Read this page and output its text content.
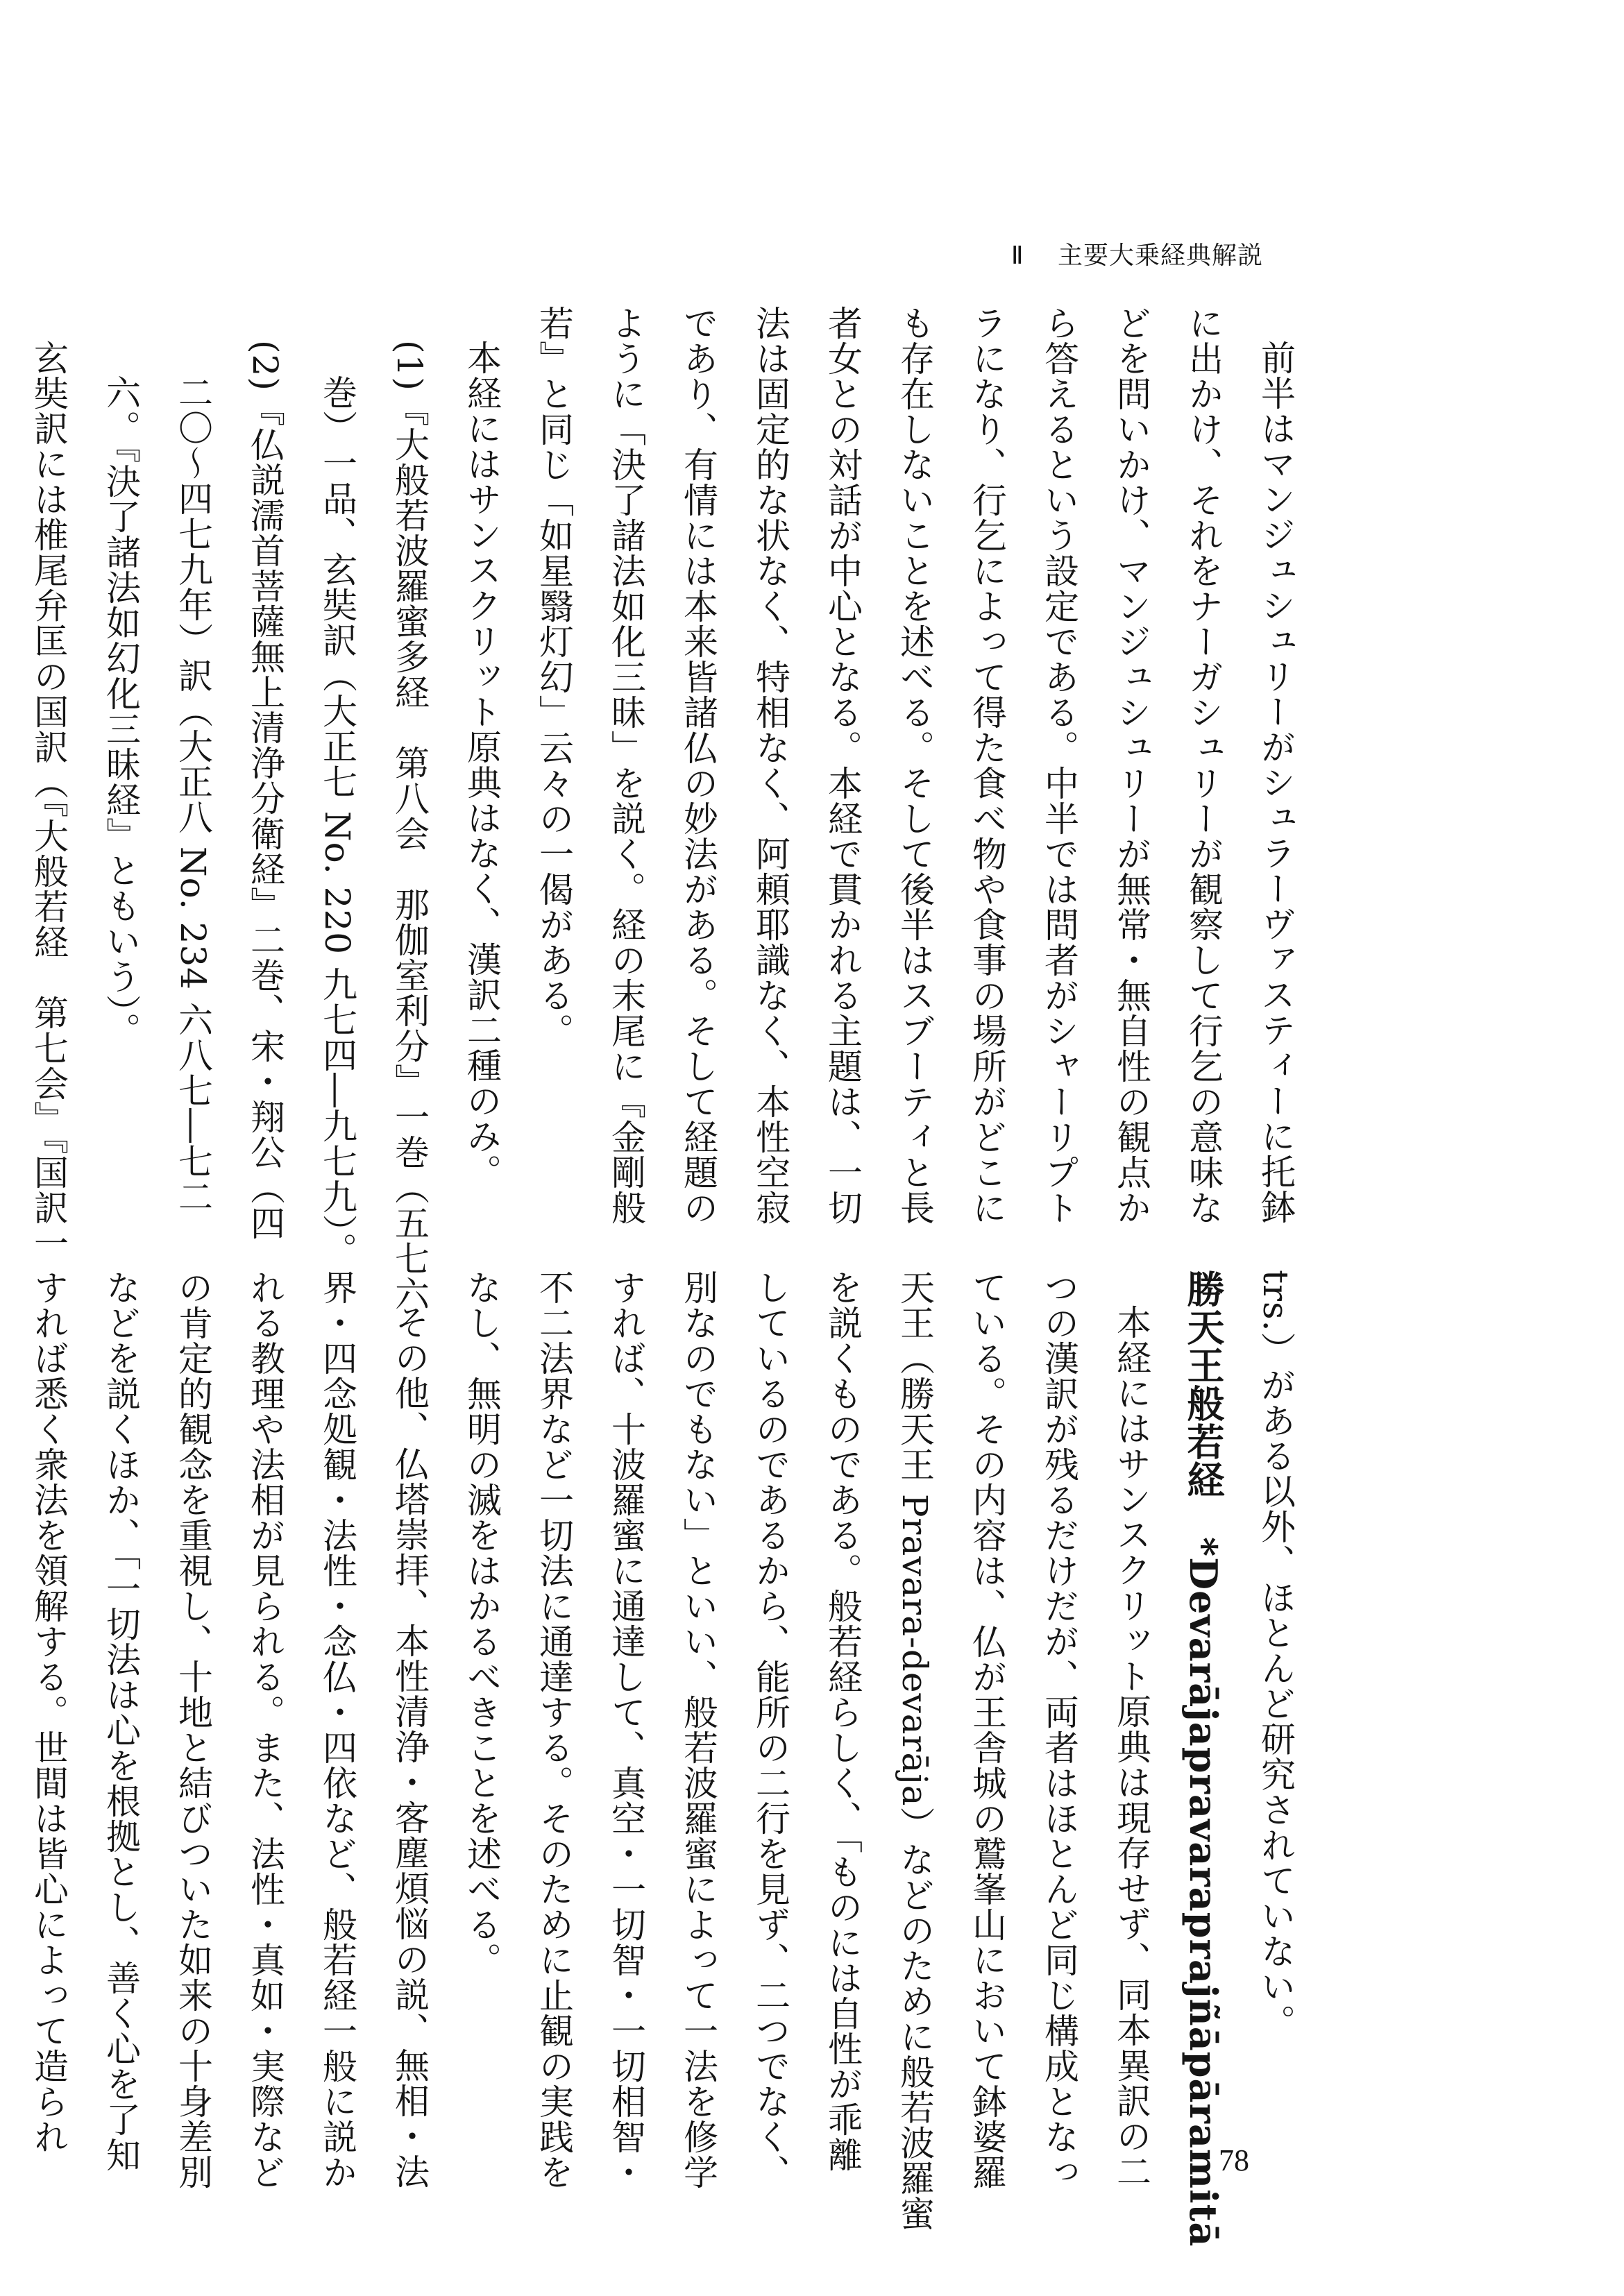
Ⅱ 主要大乗経典解説
前半はマンジュシュリーがシュラーヴァスティーに托鉢
に出かけ、それをナーガシュリーが観察して行乞の意味な
どを問いかけ、マンジュシュリーが無常・無自性の観点か
ら答えるという設定である。中半では問者がシャーリプト
ラになり、行乞によって得た食べ物や食事の場所がどこに
も存在しないことを述べる。そして後半はスブーティと長
者女との対話が中心となる。本経で貫かれる主題は、一切
法は固定的な状なく、特相なく、阿頼耶識なく、本性空寂
であり、有情には本来皆諸仏の妙法がある。そして経題の
ように「決了諸法如化三昧」を説く。経の末尾に『金剛般
若』と同じ「如星翳灯幻」云々の一偈がある。
本経にはサンスクリット原典はなく、漢訳二種のみ。
(1)『大般若波羅蜜多経　第八会　那伽室利分』一巻（五七六
巻）一品、玄奘訳（大正七 No. 220 九七四―九七九）。
(2)『仏説濡首菩薩無上清浄分衛経』二巻、宋・翔公（四
二〇～四七九年）訳（大正八 No. 234 六八七―七二
六。『決了諸法如幻化三昧経』ともいう）。
玄奘訳には椎尾弁匡の国訳（『大般若経　第七会』『国訳一
trs.）がある以外、ほとんど研究されていない。
勝天王般若経　*Devarājapravaraprajñāpāramitā
本経にはサンスクリット原典は現存せず、同本異訳の二
つの漢訳が残るだけだが、両者はほとんど同じ構成となっ
ている。その内容は、仏が王舎城の鷲峯山において鉢婆羅
天王（勝天王 Pravara-devarāja）などのために般若波羅蜜
を説くものである。般若経らしく、「ものには自性が乖離
しているのであるから、能所の二行を見ず、二つでなく、
別なのでもない」といい、般若波羅蜜によって一法を修学
すれば、十波羅蜜に通達して、真空・一切智・一切相智・
不二法界など一切法に通達する。そのために止観の実践を
なし、無明の滅をはかるべきことを述べる。
その他、仏塔崇拝、本性清浄・客塵煩悩の説、無相・法
界・四念処観・法性・念仏・四依など、般若経一般に説か
れる教理や法相が見られる。また、法性・真如・実際など
の肯定的観念を重視し、十地と結びついた如来の十身差別
などを説くほか、「一切法は心を根拠とし、善く心を了知
すれば悉く衆法を領解する。世間は皆心によって造られ
78
